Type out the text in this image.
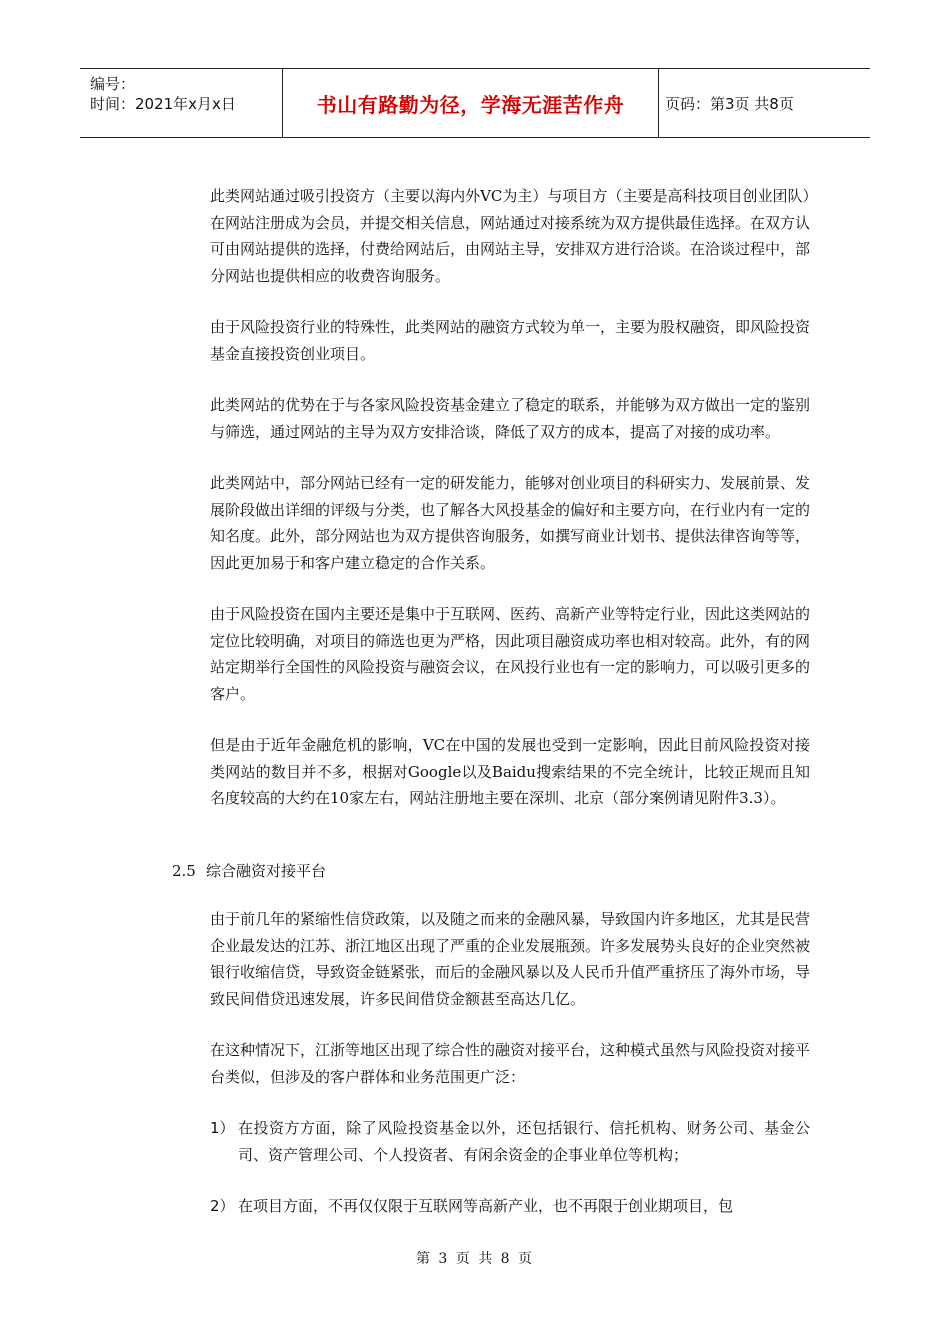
编号：
时间：2021年x月x日	书山有路勤为径，学海无涯苦作舟	页码：第3页 共8页

此类网站通过吸引投资方（主要以海内外VC为主）与项目方（主要是高科技项目创业团队）在网站注册成为会员，并提交相关信息，网站通过对接系统为双方提供最佳选择。在双方认可由网站提供的选择，付费给网站后，由网站主导，安排双方进行洽谈。在洽谈过程中，部分网站也提供相应的收费咨询服务。

由于风险投资行业的特殊性，此类网站的融资方式较为单一，主要为股权融资，即风险投资基金直接投资创业项目。

此类网站的优势在于与各家风险投资基金建立了稳定的联系，并能够为双方做出一定的鉴别与筛选，通过网站的主导为双方安排洽谈，降低了双方的成本，提高了对接的成功率。

此类网站中，部分网站已经有一定的研发能力，能够对创业项目的科研实力、发展前景、发展阶段做出详细的评级与分类，也了解各大风投基金的偏好和主要方向，在行业内有一定的知名度。此外，部分网站也为双方提供咨询服务，如撰写商业计划书、提供法律咨询等等，因此更加易于和客户建立稳定的合作关系。

由于风险投资在国内主要还是集中于互联网、医药、高新产业等特定行业，因此这类网站的定位比较明确，对项目的筛选也更为严格，因此项目融资成功率也相对较高。此外，有的网站定期举行全国性的风险投资与融资会议，在风投行业也有一定的影响力，可以吸引更多的客户。

但是由于近年金融危机的影响，VC在中国的发展也受到一定影响，因此目前风险投资对接类网站的数目并不多，根据对Google以及Baidu搜索结果的不完全统计，比较正规而且知名度较高的大约在10家左右，网站注册地主要在深圳、北京（部分案例请见附件3.3）。

2.5 综合融资对接平台

由于前几年的紧缩性信贷政策，以及随之而来的金融风暴，导致国内许多地区，尤其是民营企业最发达的江苏、浙江地区出现了严重的企业发展瓶颈。许多发展势头良好的企业突然被银行收缩信贷，导致资金链紧张，而后的金融风暴以及人民币升值严重挤压了海外市场，导致民间借贷迅速发展，许多民间借贷金额甚至高达几亿。

在这种情况下，江浙等地区出现了综合性的融资对接平台，这种模式虽然与风险投资对接平台类似，但涉及的客户群体和业务范围更广泛：

1） 在投资方方面，除了风险投资基金以外，还包括银行、信托机构、财务公司、基金公司、资产管理公司、个人投资者、有闲余资金的企事业单位等机构；
2） 在项目方面，不再仅仅限于互联网等高新产业，也不再限于创业期项目，包
第 3 页 共 8 页
